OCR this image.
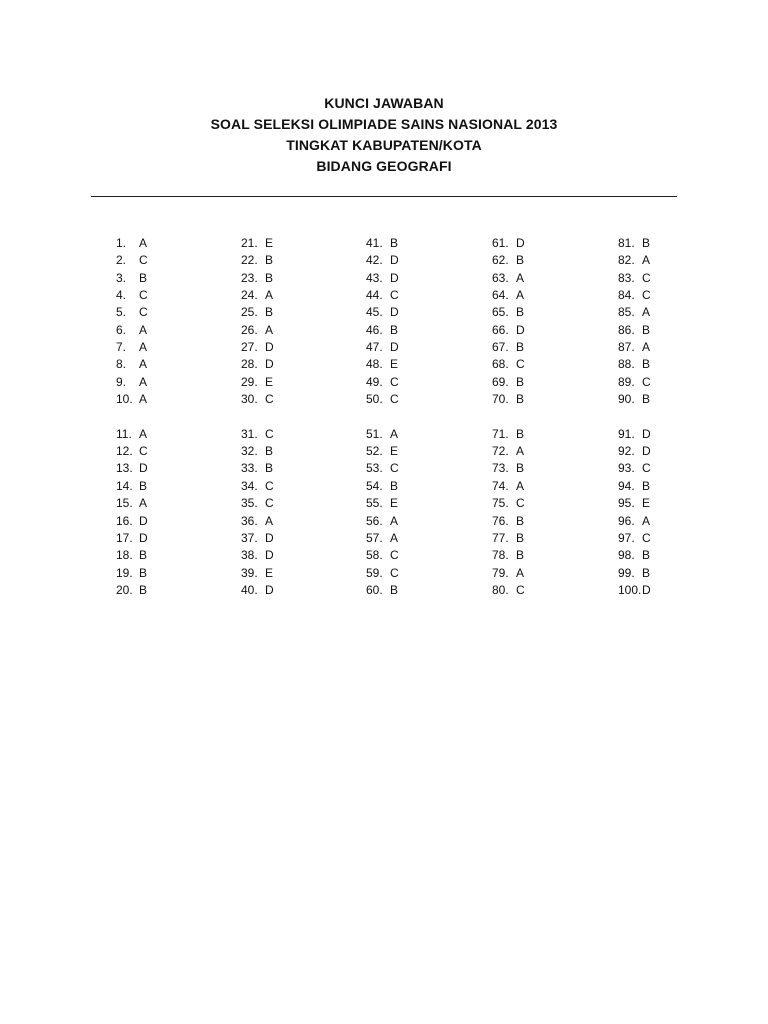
KUNCI JAWABAN
SOAL SELEKSI OLIMPIADE SAINS NASIONAL 2013
TINGKAT KABUPATEN/KOTA
BIDANG GEOGRAFI
1. A
2. C
3. B
4. C
5. C
6. A
7. A
8. A
9. A
10. A
11. A
12. C
13. D
14. B
15. A
16. D
17. D
18. B
19. B
20. B
21. E
22. B
23. B
24. A
25. B
26. A
27. D
28. D
29. E
30. C
31. C
32. B
33. B
34. C
35. C
36. A
37. D
38. D
39. E
40. D
41. B
42. D
43. D
44. C
45. D
46. B
47. D
48. E
49. C
50. C
51. A
52. E
53. C
54. B
55. E
56. A
57. A
58. C
59. C
60. B
61. D
62. B
63. A
64. A
65. B
66. D
67. B
68. C
69. B
70. B
71. B
72. A
73. B
74. A
75. C
76. B
77. B
78. B
79. A
80. C
81. B
82. A
83. C
84. C
85. A
86. B
87. A
88. B
89. C
90. B
91. D
92. D
93. C
94. B
95. E
96. A
97. C
98. B
99. B
100.D
